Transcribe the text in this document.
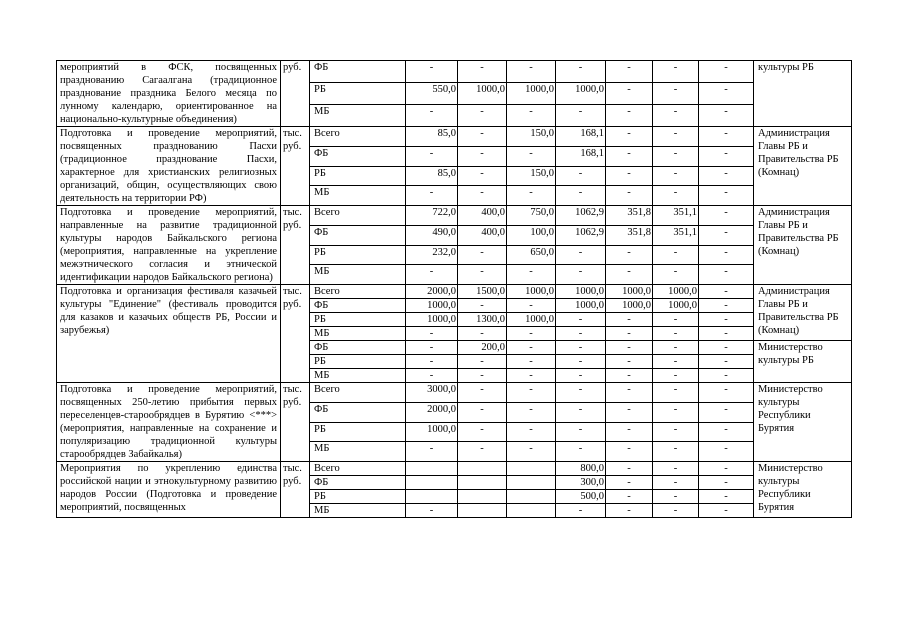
мероприятий в ФСК, посвященных празднованию Сагаалгана (традиционное празднование праздника Белого месяца по лунному календарю, ориентированное на национально-культурные объединения)	руб.	ФБ	-	-	-	-	-	-	-	культуры РБ
		РБ	550,0	1000,0	1000,0	1000,0	-	-	-	
		МБ	-	-	-	-	-	-	-	
Подготовка и проведение мероприятий, посвященных празднованию Пасхи (традиционное празднование Пасхи, характерное для христианских религиозных организаций, общин, осуществляющих свою деятельность на территории РФ)	тыс. руб.	Всего	85,0	-	150,0	168,1	-	-	-	Администрация Главы РБ и Правительства РБ (Комнац)
		ФБ	-	-	-	168,1	-	-	-	
		РБ	85,0	-	150,0	-	-	-	-	
		МБ	-	-	-	-	-	-	-	
Подготовка и проведение мероприятий, направленные на развитие традиционной культуры народов Байкальского региона (мероприятия, направленные на укрепление межэтнического согласия и этнической идентификации народов Байкальского региона)	тыс. руб.	Всего	722,0	400,0	750,0	1062,9	351,8	351,1	-	Администрация Главы РБ и Правительства РБ (Комнац)
		ФБ	490,0	400,0	100,0	1062,9	351,8	351,1	-	
		РБ	232,0	-	650,0	-	-	-	-	
		МБ	-	-	-	-	-	-	-	
Подготовка и организация фестиваля казачьей культуры "Единение" (фестиваль проводится для казаков и казачьих обществ РБ, России и зарубежья)	тыс. руб.	Всего	2000,0	1500,0	1000,0	1000,0	1000,0	1000,0	-	Администрация Главы РБ и Правительства РБ (Комнац)
		ФБ	1000,0	-	-	1000,0	1000,0	1000,0	-	
		РБ	1000,0	1300,0	1000,0	-	-	-	-	
		МБ	-	-	-	-	-	-	-	
		ФБ	-	200,0	-	-	-	-	-	Министерство культуры РБ
		РБ	-	-	-	-	-	-	-	
		МБ	-	-	-	-	-	-	-	
Подготовка и проведение мероприятий, посвященных 250-летию прибытия первых переселенцев-старообрядцев в Бурятию <***> (мероприятия, направленные на сохранение и популяризацию традиционной культуры старообрядцев Забайкалья)	тыс. руб.	Всего	3000,0	-	-	-	-	-	-	Министерство культуры Республики Бурятия
		ФБ	2000,0	-	-	-	-	-	-	
		РБ	1000,0	-	-	-	-	-	-	
		МБ	-	-	-	-	-	-	-	
Мероприятия по укреплению единства российской нации и этнокультурному развитию народов России (Подготовка и проведение мероприятий, посвященных	тыс. руб.	Всего				800,0	-	-	-	Министерство культуры Республики Бурятия
		ФБ				300,0	-	-	-	
		РБ				500,0	-	-	-	
		МБ	-			-	-	-	-	
